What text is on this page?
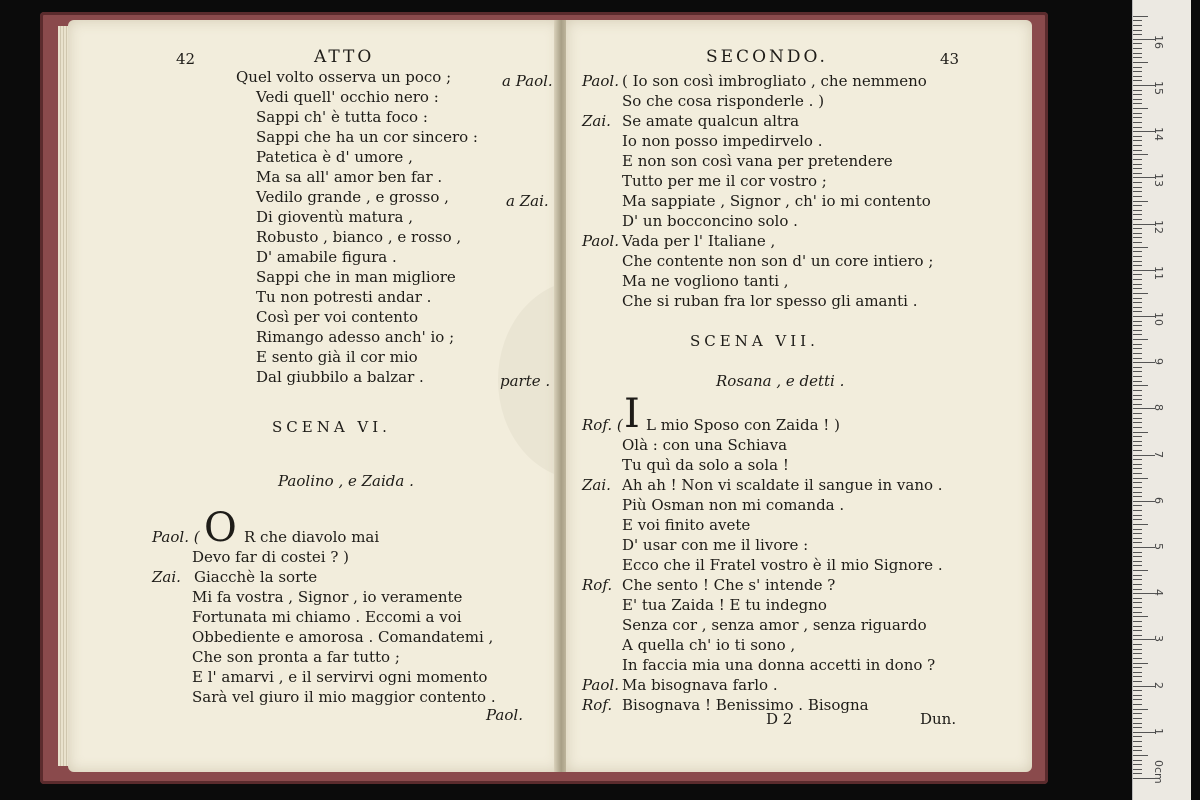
42	ATTO
Quel volto osserva un poco ;
Vedi quell' occhio nero :
Sappi ch' è tutta foco :
Sappi che ha un cor sincero :
Patetica è d' umore ,
Ma sa all' amor ben far .
Vedilo grande , e grosso ,
Di gioventù matura ,
Robusto , bianco , e rosso ,
D' amabile figura .
Sappi che in man migliore
Tu non potresti andar .
Così per voi contento
Rimango adesso anch' io ;
E sento già il cor mio
Dal giubbilo a balzar .
a Paol.
a Zai.
parte .
SCENA VI.
Paolino , e Zaida .
Paol. ( O R che diavolo mai
Devo far di costei ? )
Zai. Giacchè la sorte
Mi fa vostra , Signor , io veramente
Fortunata mi chiamo . Eccomi a voi
Obbediente e amorosa . Comandatemi ,
Che son pronta a far tutto ;
E l' amarvi , e il servirvi ogni momento
Sarà vel giuro il mio maggior contento .
Paol.
SECONDO.	43
Paol. ( Io son così imbrogliato , che nemmeno
So che cosa risponderle . )
Zai. Se amate qualcun altra
Io non posso impedirvelo .
E non son così vana per pretendere
Tutto per me il cor vostro ;
Ma sappiate , Signor , ch' io mi contento
D' un bocconcino solo .
Paol. Vada per l' Italiane ,
Che contente non son d' un core intiero ;
Ma ne vogliono tanti ,
Che si ruban fra lor spesso gli amanti .
SCENA VII.
Rosana , e detti .
Rof. ( I L mio Sposo con Zaida ! )
Olà : con una Schiava
Tu quì da solo a sola !
Zai. Ah ah ! Non vi scaldate il sangue in vano .
Più Osman non mi comanda .
E voi finito avete
D' usar con me il livore :
Ecco che il Fratel vostro è il mio Signore .
Rof. Che sento ! Che s' intende ?
E' tua Zaida ! E tu indegno
Senza cor , senza amor , senza riguardo
A quella ch' io ti sono ,
In faccia mia una donna accetti in dono ?
Paol. Ma bisognava farlo .
Rof. Bisognava ! Benissimo . Bisogna
D 2	Dun.
0cm
1
2
3
4
5
6
7
8
9
10
11
12
13
14
15
16
